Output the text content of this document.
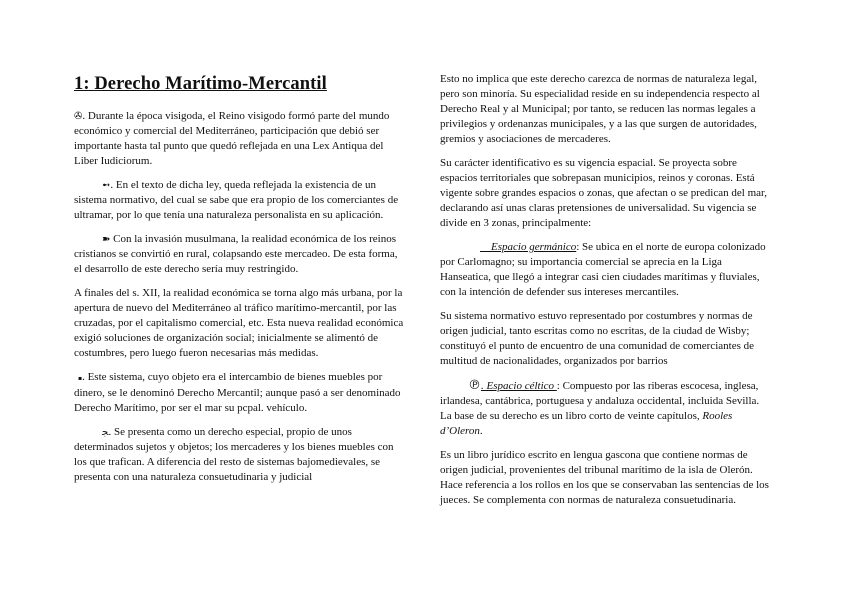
1: Derecho Marítimo-Mercantil

✇. Durante la época visigoda, el Reino visigodo formó parte del mundo económico y comercial del Mediterráneo, participación que debió ser importante hasta tal punto que quedó reflejada en una Lex Antiqua del Liber Iudiciorum.

➻. En el texto de dicha ley, queda reflejada la existencia de un sistema normativo, del cual se sabe que era propio de los comerciantes de ultramar, por lo que tenía una naturaleza personalista en su aplicación.

➽ Con la invasión musulmana, la realidad económica de los reinos cristianos se convirtió en rural, colapsando este mercadeo. De esta forma, el desarrollo de este derecho sería muy restringido.

A finales del s. XII, la realidad económica se torna algo más urbana, por la apertura de nuevo del Mediterráneo al tráfico marítimo-mercantil, por las cruzadas, por el capitalismo comercial, etc. Esta nueva realidad económica exigió soluciones de organización social; inicialmente se alimentó de costumbres, pero luego fueron necesarias más medidas.

▪. Este sistema, cuyo objeto era el intercambio de bienes muebles por dinero, se le denominó Derecho Mercantil; aunque pasó a ser denominado Derecho Marítimo, por ser el mar su pcpal. vehículo.

ﺠ. Se presenta como un derecho especial, propio de unos determinados sujetos y objetos; los mercaderes y los bienes muebles con los que trafican. A diferencia del resto de sistemas bajomedievales, se presenta con una naturaleza consuetudinaria y judicial

Esto no implica que este derecho carezca de normas de naturaleza legal, pero son minoría. Su especialidad reside en su independencia respecto al Derecho Real y al Municipal; por tanto, se reducen las normas legales a privilegios y ordenanzas municipales, y a las que surgen de autoridades, gremios y asociaciones de mercaderes.

Su carácter identificativo es su vigencia espacial. Se proyecta sobre espacios territoriales que sobrepasan municipios, reinos y coronas. Está vigente sobre grandes espacios o zonas, que afectan o se predican del mar, declarando así unas claras pretensiones de universalidad. Su vigencia se divide en 3 zonas, principalmente:

__Espacio germánico: Se ubica en el norte de europa colonizado por Carlomagno; su importancia comercial se aprecia en la Liga Hanseatica, que llegó a integrar casi cien ciudades marítimas y fluviales, con la intención de defender sus intereses mercantiles.

Su sistema normativo estuvo representado por costumbres y normas de origen judicial, tanto escritas como no escritas, de la ciudad de Wisby; constituyó el punto de encuentro de una comunidad de comerciantes de multitud de nacionalidades, organizados por barrios

℗. Espacio céltico : Compuesto por las riberas escocesa, inglesa, irlandesa, cantábrica, portuguesa y andaluza occidental, incluida Sevilla. La base de su derecho es un libro corto de veinte capítulos, Rooles d’Oleron.

Es un libro jurídico escrito en lengua gascona que contiene normas de origen judicial, provenientes del tribunal marítimo de la isla de Olerón. Hace referencia a los rollos en los que se conservaban las sentencias de los jueces. Se complementa con normas de naturaleza consuetudinaria.
